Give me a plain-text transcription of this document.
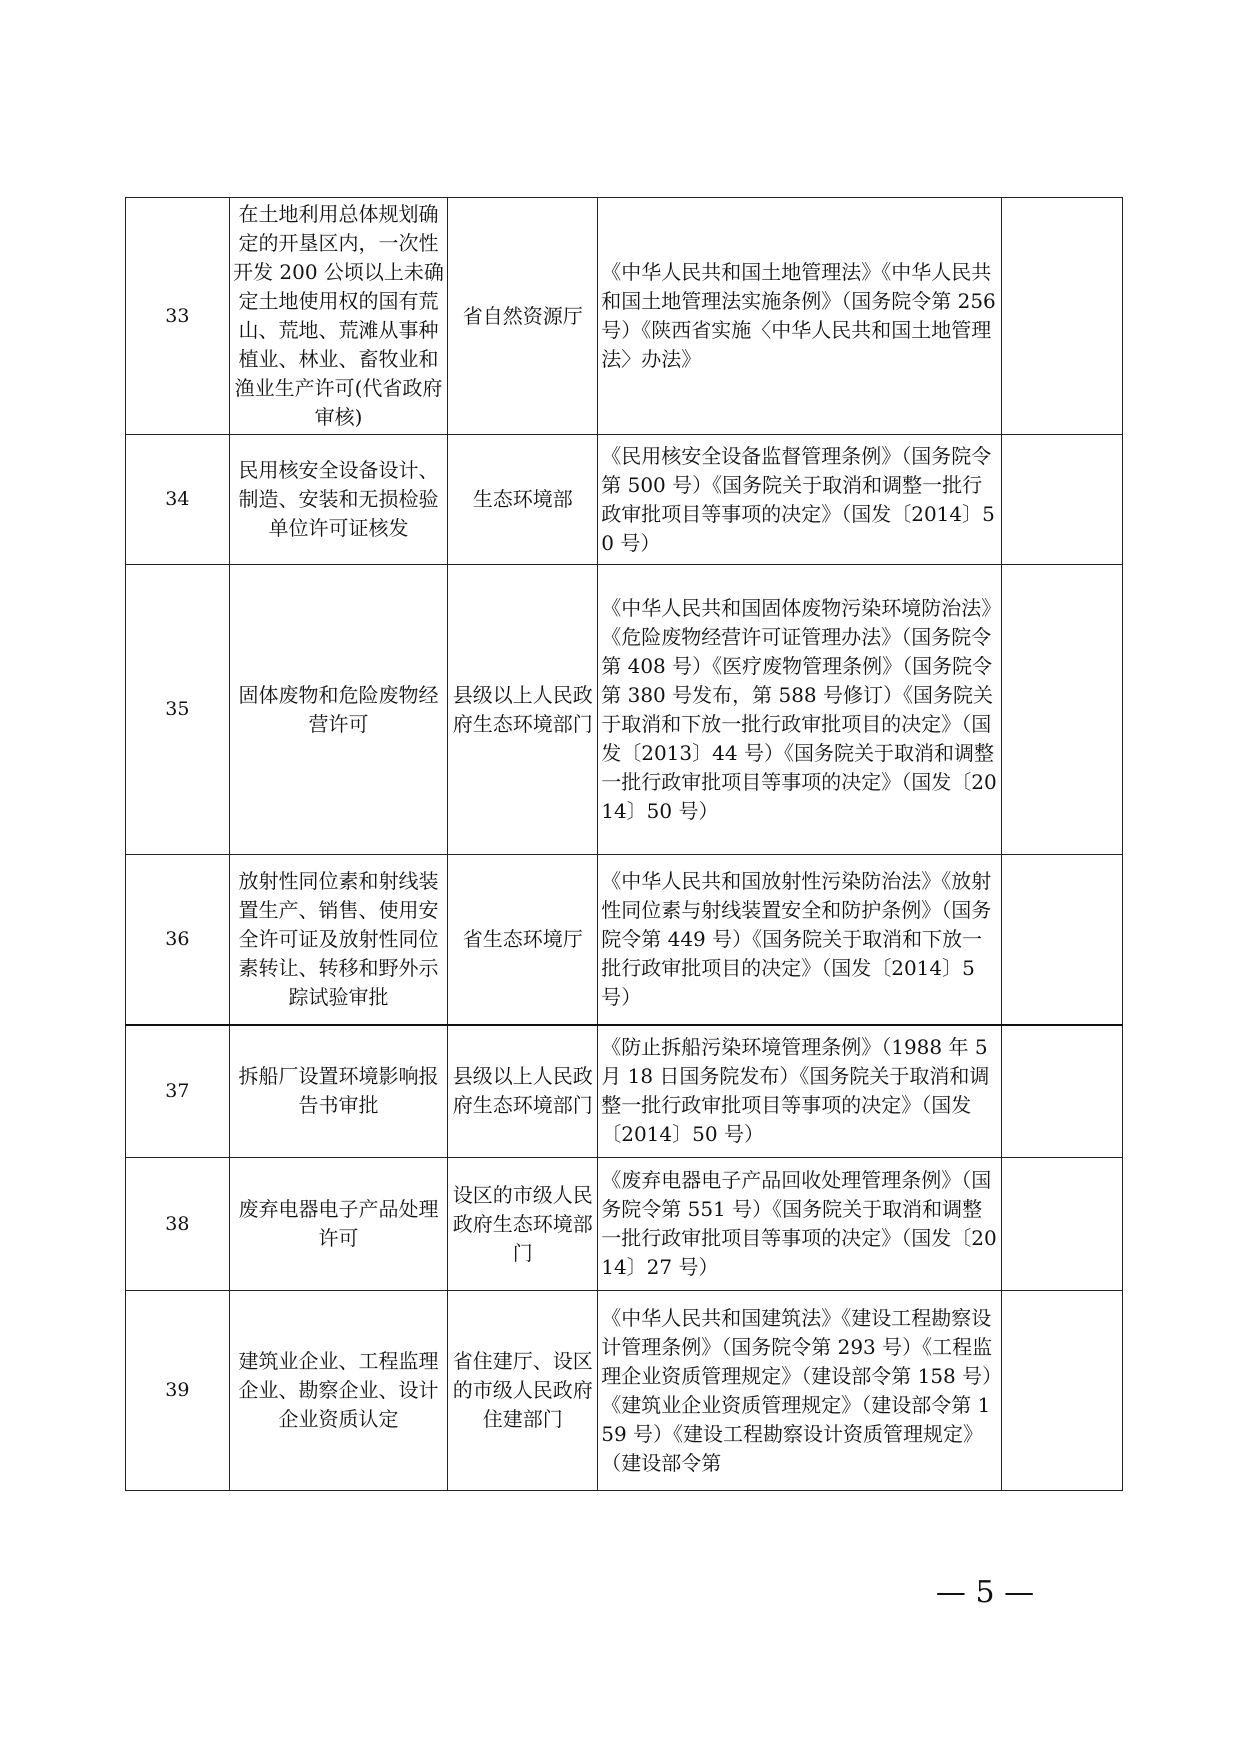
33	在土地利用总体规划确定的开垦区内，一次性开发 200 公顷以上未确定土地使用权的国有荒山、荒地、荒滩从事种植业、林业、畜牧业和渔业生产许可(代省政府审核)	省自然资源厅	《中华人民共和国土地管理法》《中华人民共和国土地管理法实施条例》（国务院令第 256 号）《陕西省实施〈中华人民共和国土地管理法〉办法》	
34	民用核安全设备设计、制造、安装和无损检验单位许可证核发	生态环境部	《民用核安全设备监督管理条例》（国务院令第 500 号）《国务院关于取消和调整一批行政审批项目等事项的决定》（国发〔2014〕50 号）	
35	固体废物和危险废物经营许可	县级以上人民政府生态环境部门	《中华人民共和国固体废物污染环境防治法》《危险废物经营许可证管理办法》（国务院令第 408 号）《医疗废物管理条例》（国务院令第 380 号发布，第 588 号修订）《国务院关于取消和下放一批行政审批项目的决定》（国发〔2013〕44 号）《国务院关于取消和调整一批行政审批项目等事项的决定》（国发〔2014〕50 号）	
36	放射性同位素和射线装置生产、销售、使用安全许可证及放射性同位素转让、转移和野外示踪试验审批	省生态环境厅	《中华人民共和国放射性污染防治法》《放射性同位素与射线装置安全和防护条例》（国务院令第 449 号）《国务院关于取消和下放一批行政审批项目的决定》（国发〔2014〕5 号）	
37	拆船厂设置环境影响报告书审批	县级以上人民政府生态环境部门	《防止拆船污染环境管理条例》（1988 年 5 月 18 日国务院发布）《国务院关于取消和调整一批行政审批项目等事项的决定》（国发〔2014〕50 号）	
38	废弃电器电子产品处理许可	设区的市级人民政府生态环境部门	《废弃电器电子产品回收处理管理条例》（国务院令第 551 号）《国务院关于取消和调整一批行政审批项目等事项的决定》（国发〔2014〕27 号）	
39	建筑业企业、工程监理企业、勘察企业、设计企业资质认定	省住建厅、设区的市级人民政府住建部门	《中华人民共和国建筑法》《建设工程勘察设计管理条例》（国务院令第 293 号）《工程监理企业资质管理规定》（建设部令第 158 号）《建筑业企业资质管理规定》（建设部令第 159 号）《建设工程勘察设计资质管理规定》（建设部令第	
— 5 —
